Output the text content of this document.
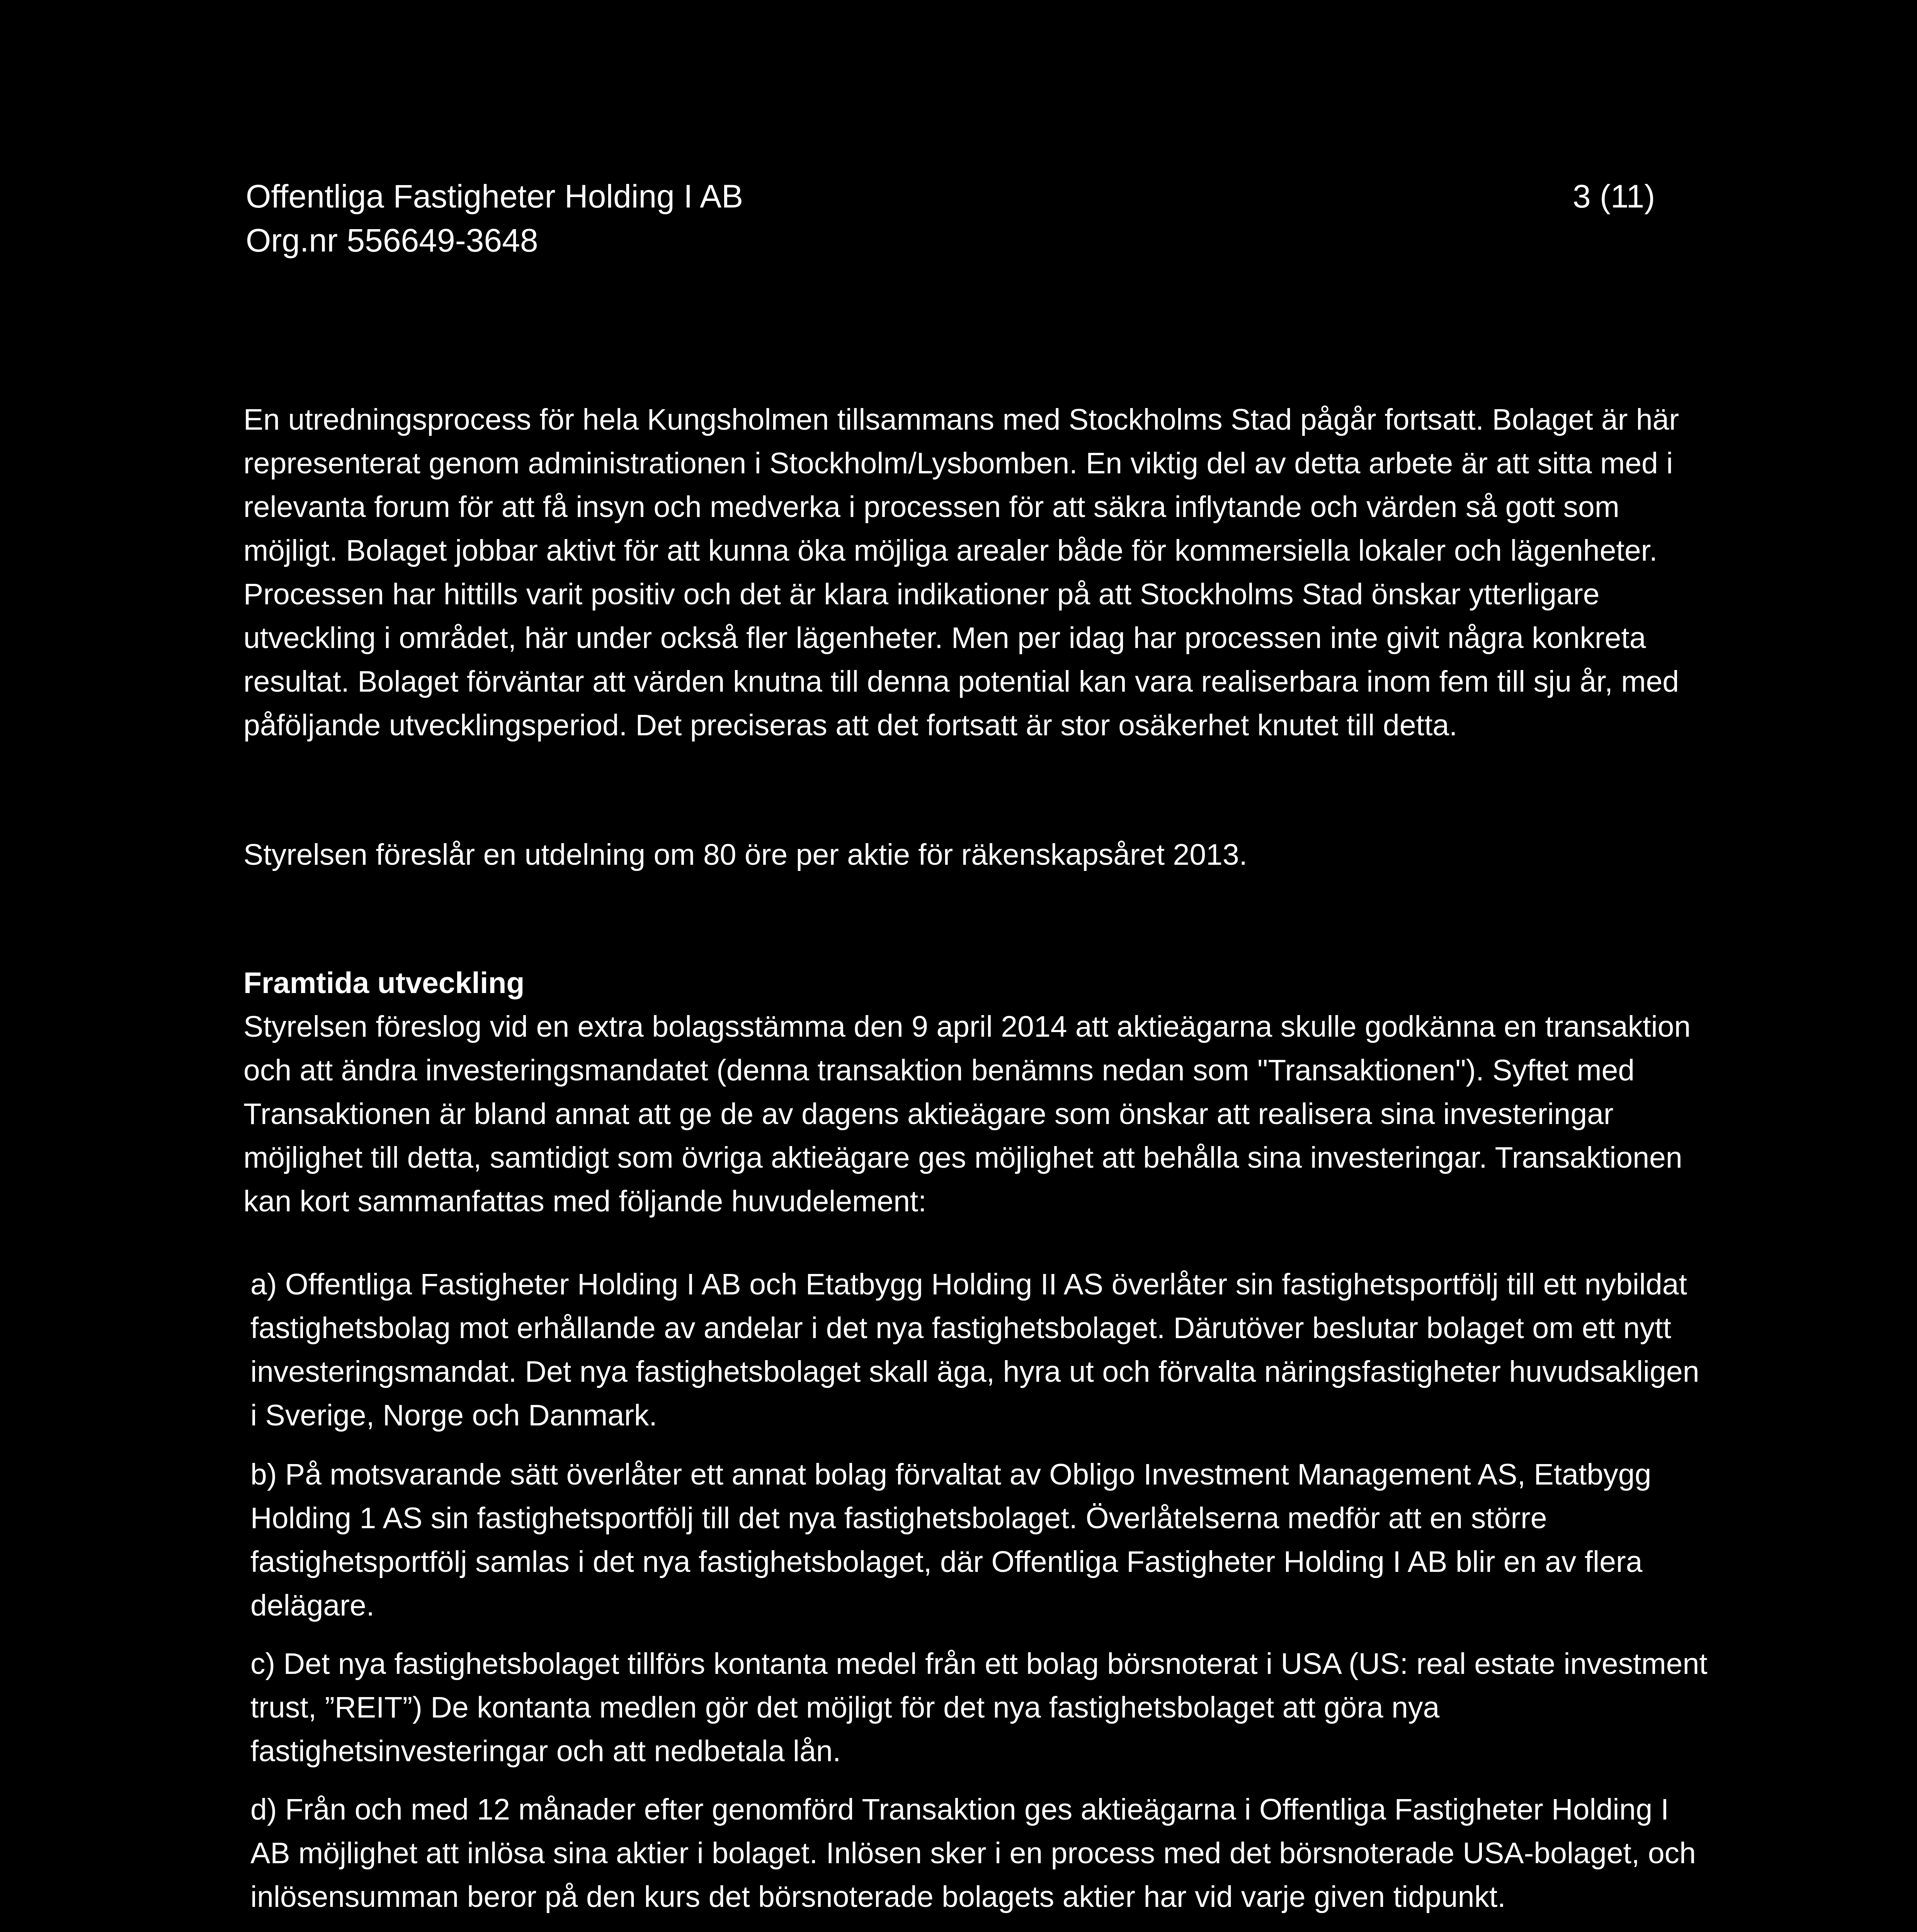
Offentliga Fastigheter Holding I AB	3 (11)
Org.nr 556649-3648

En utredningsprocess för hela Kungsholmen tillsammans med Stockholms Stad pågår fortsatt. Bolaget är här representerat genom administrationen i Stockholm/Lysbomben. En viktig del av detta arbete är att sitta med i relevanta forum för att få insyn och medverka i processen för att säkra inflytande och värden så gott som möjligt. Bolaget jobbar aktivt för att kunna öka möjliga arealer både för kommersiella lokaler och lägenheter. Processen har hittills varit positiv och det är klara indikationer på att Stockholms Stad önskar ytterligare utveckling i området, här under också fler lägenheter. Men per idag har processen inte givit några konkreta resultat. Bolaget förväntar att värden knutna till denna potential kan vara realiserbara inom fem till sju år, med påföljande utvecklingsperiod. Det preciseras att det fortsatt är stor osäkerhet knutet till detta.

Styrelsen föreslår en utdelning om 80 öre per aktie för räkenskapsåret 2013.

Framtida utveckling

Styrelsen föreslog vid en extra bolagsstämma den 9 april 2014 att aktieägarna skulle godkänna en transaktion och att ändra investeringsmandatet (denna transaktion benämns nedan som "Transaktionen"). Syftet med Transaktionen är bland annat att ge de av dagens aktieägare som önskar att realisera sina investeringar möjlighet till detta, samtidigt som övriga aktieägare ges möjlighet att behålla sina investeringar. Transaktionen kan kort sammanfattas med följande huvudelement:

a) Offentliga Fastigheter Holding I AB och Etatbygg Holding II AS överlåter sin fastighetsportfölj till ett nybildat fastighetsbolag mot erhållande av andelar i det nya fastighetsbolaget. Därutöver beslutar bolaget om ett nytt investeringsmandat. Det nya fastighetsbolaget skall äga, hyra ut och förvalta näringsfastigheter huvudsakligen i Sverige, Norge och Danmark.

b) På motsvarande sätt överlåter ett annat bolag förvaltat av Obligo Investment Management AS, Etatbygg Holding 1 AS sin fastighetsportfölj till det nya fastighetsbolaget. Överlåtelserna medför att en större fastighetsportfölj samlas i det nya fastighetsbolaget, där Offentliga Fastigheter Holding I AB blir en av flera delägare.

c) Det nya fastighetsbolaget tillförs kontanta medel från ett bolag börsnoterat i USA (US: real estate investment trust, ”REIT”) De kontanta medlen gör det möjligt för det nya fastighetsbolaget att göra nya fastighetsinvesteringar och att nedbetala lån.

d) Från och med 12 månader efter genomförd Transaktion ges aktieägarna i Offentliga Fastigheter Holding I AB möjlighet att inlösa sina aktier i bolaget. Inlösen sker i en process med det börsnoterade USA-bolaget, och inlösensumman beror på den kurs det börsnoterade bolagets aktier har vid varje given tidpunkt.
